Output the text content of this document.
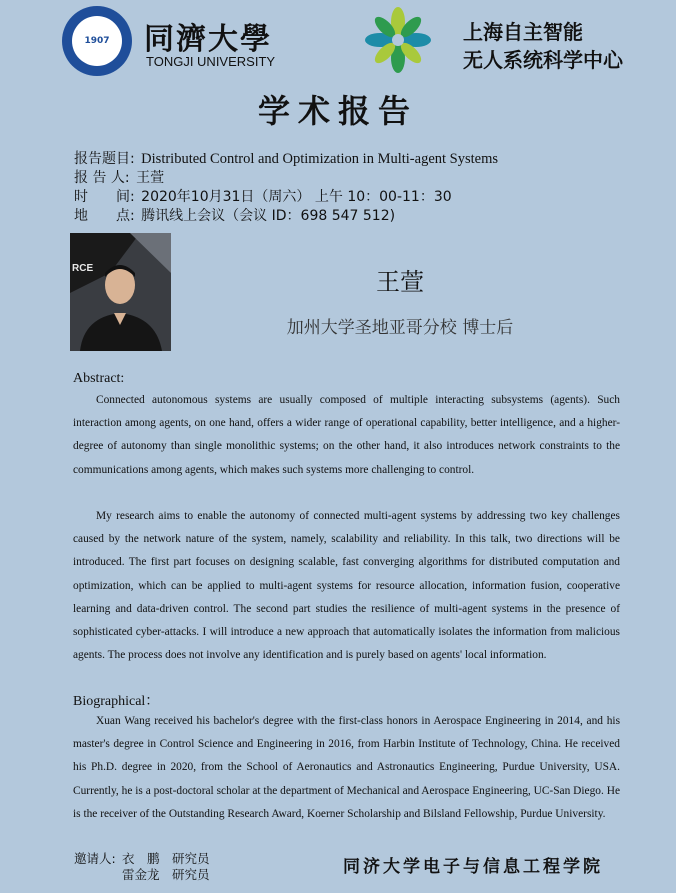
1907 同濟大學
TONGJI UNIVERSITY
上海自主智能
无人系统科学中心
学术报告
报告题目: Distributed Control and Optimization in Multi-agent Systems
报 告 人: 王萱
时　　间: 2020年10月31日（周六） 上午 10：00-11：30
地　　点: 腾讯线上会议（会议 ID：698 547 512)
RCE	王萱
加州大学圣地亚哥分校 博士后
Abstract:

Connected autonomous systems are usually composed of multiple interacting subsystems (agents). Such interaction among agents, on one hand, offers a wider range of operational capability, better intelligence, and a higher-degree of autonomy than single monolithic systems; on the other hand, it also introduces network constraints to the communications among agents, which makes such systems more challenging to control.

My research aims to enable the autonomy of connected multi-agent systems by addressing two key challenges caused by the network nature of the system, namely, scalability and reliability. In this talk, two directions will be introduced. The first part focuses on designing scalable, fast converging algorithms for distributed computation and optimization, which can be applied to multi-agent systems for resource allocation, information fusion, cooperative learning and data-driven control. The second part studies the resilience of multi-agent systems in the presence of sophisticated cyber-attacks. I will introduce a new approach that automatically isolates the information from malicious agents. The process does not involve any identification and is purely based on agents' local information.

Biographical：

Xuan Wang received his bachelor's degree with the first-class honors in Aerospace Engineering in 2014, and his master's degree in Control Science and Engineering in 2016, from Harbin Institute of Technology, China. He received his Ph.D. degree in 2020, from the School of Aeronautics and Astronautics Engineering, Purdue University, USA. Currently, he is a post-doctoral scholar at the department of Mechanical and Aerospace Engineering, UC-San Diego. He is the receiver of the Outstanding Research Award, Koerner Scholarship and Bilsland Fellowship, Purdue University.

邀请人: 衣　鹏　研究员
雷金龙　研究员	同济大学电子与信息工程学院
